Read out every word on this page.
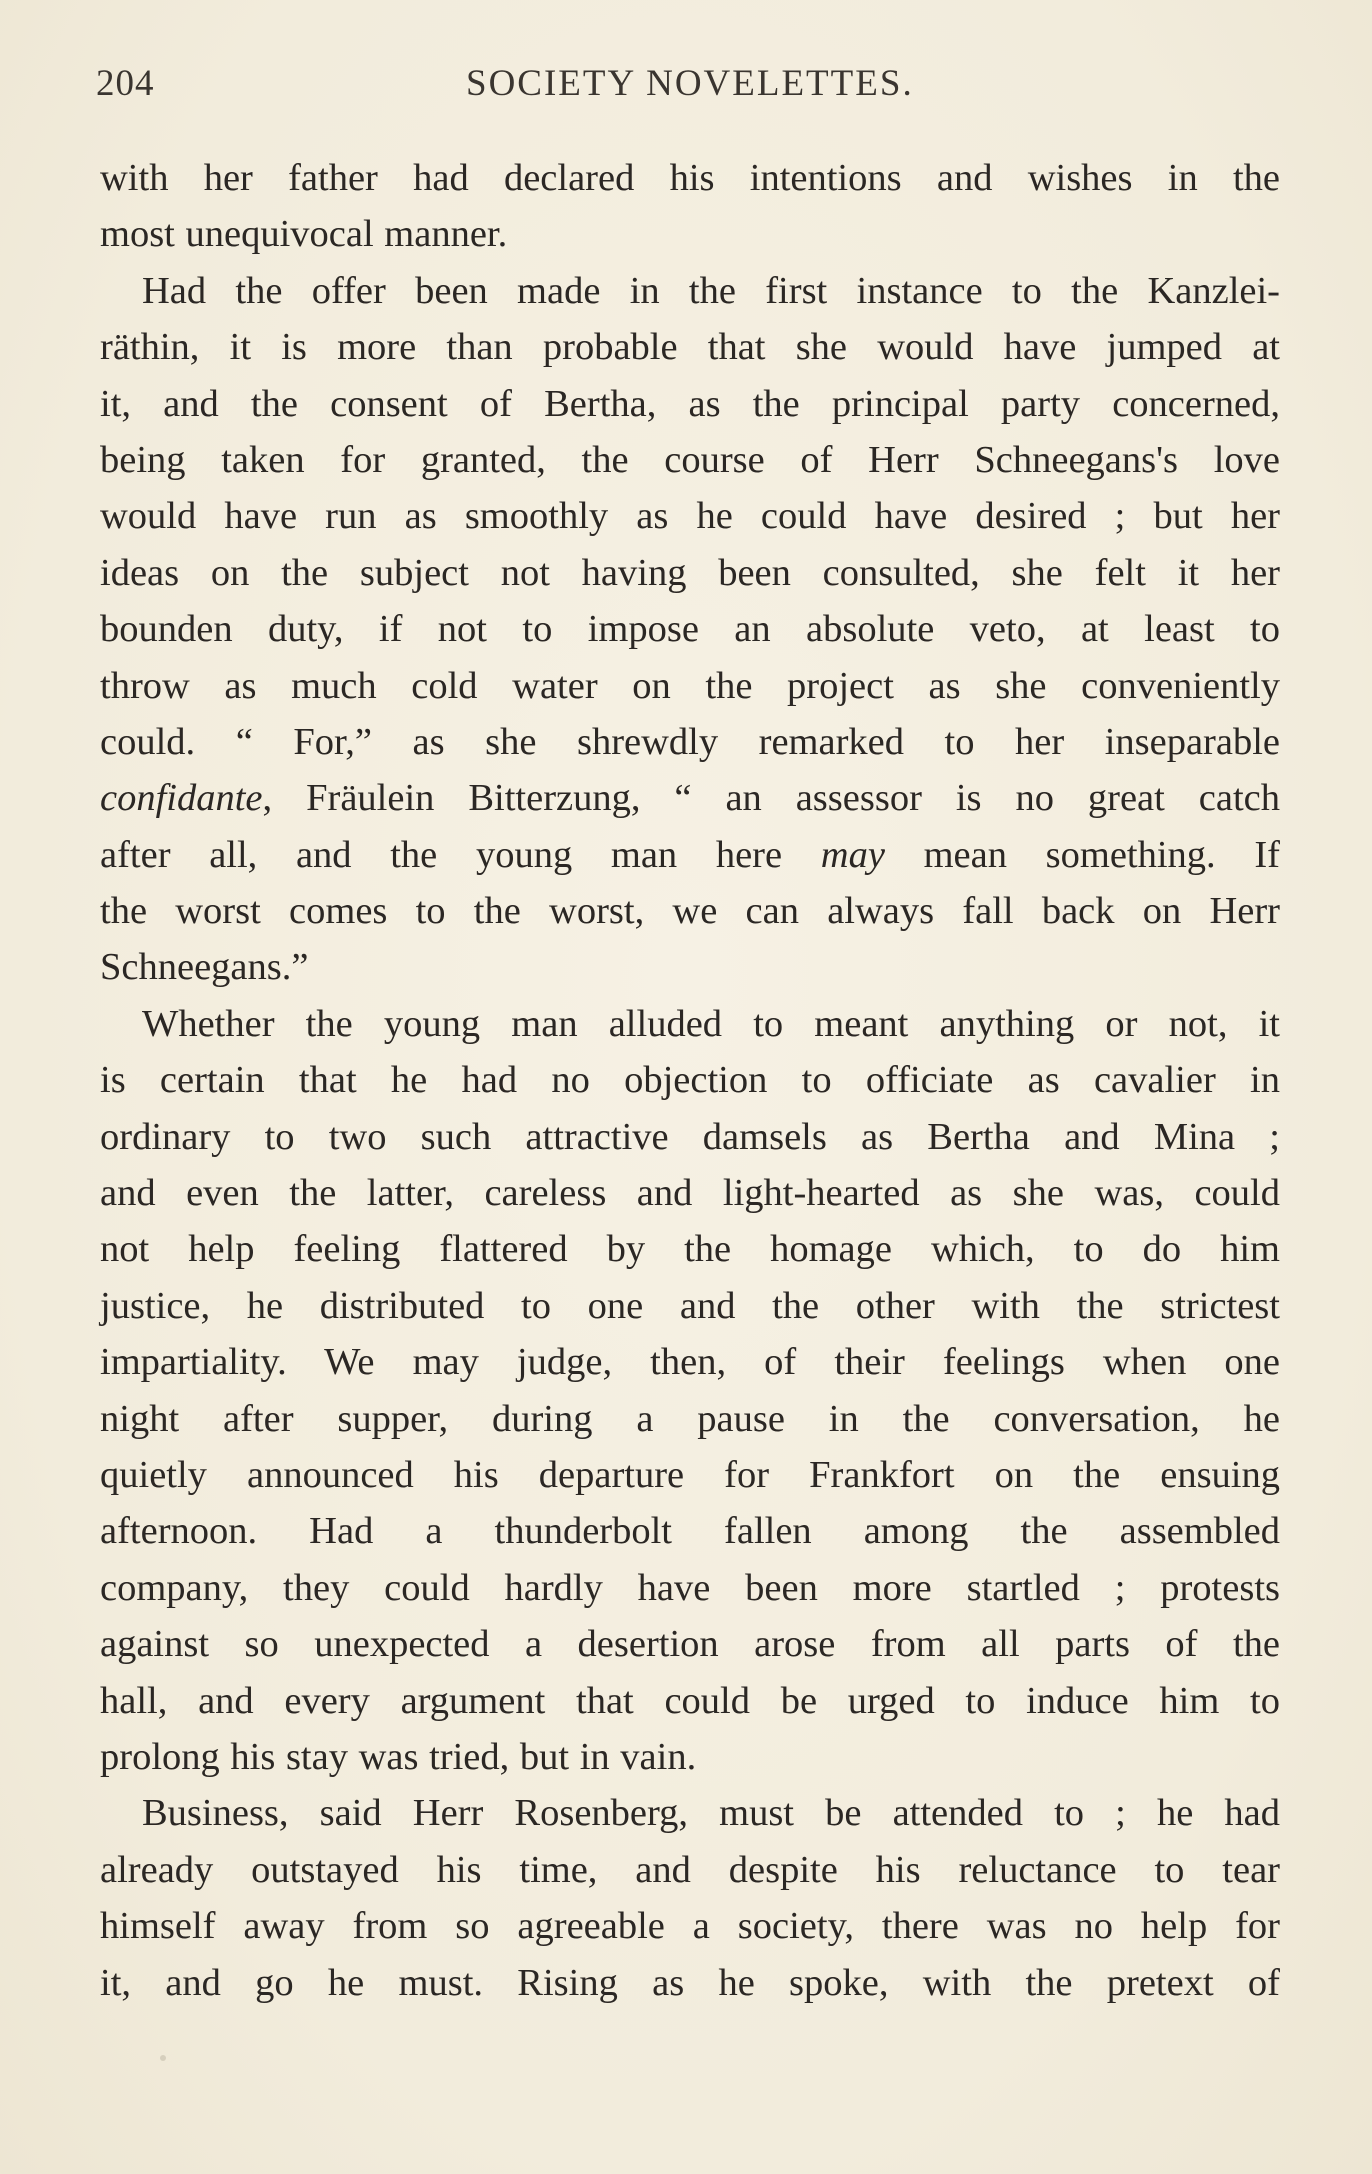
204	SOCIETY NOVELETTES.
with her father had declared his intentions and wishes in the
most unequivocal manner.
Had the offer been made in the first instance to the Kanzlei-
räthin, it is more than probable that she would have jumped at
it, and the consent of Bertha, as the principal party concerned,
being taken for granted, the course of Herr Schneegans's love
would have run as smoothly as he could have desired ; but her
ideas on the subject not having been consulted, she felt it her
bounden duty, if not to impose an absolute veto, at least to
throw as much cold water on the project as she conveniently
could. “ For,” as she shrewdly remarked to her inseparable
confidante, Fräulein Bitterzung, “ an assessor is no great catch
after all, and the young man here may mean something. If
the worst comes to the worst, we can always fall back on Herr
Schneegans.”
Whether the young man alluded to meant anything or not, it
is certain that he had no objection to officiate as cavalier in
ordinary to two such attractive damsels as Bertha and Mina ;
and even the latter, careless and light-hearted as she was, could
not help feeling flattered by the homage which, to do him
justice, he distributed to one and the other with the strictest
impartiality. We may judge, then, of their feelings when one
night after supper, during a pause in the conversation, he
quietly announced his departure for Frankfort on the ensuing
afternoon. Had a thunderbolt fallen among the assembled
company, they could hardly have been more startled ; protests
against so unexpected a desertion arose from all parts of the
hall, and every argument that could be urged to induce him to
prolong his stay was tried, but in vain.
Business, said Herr Rosenberg, must be attended to ; he had
already outstayed his time, and despite his reluctance to tear
himself away from so agreeable a society, there was no help for
it, and go he must. Rising as he spoke, with the pretext of
